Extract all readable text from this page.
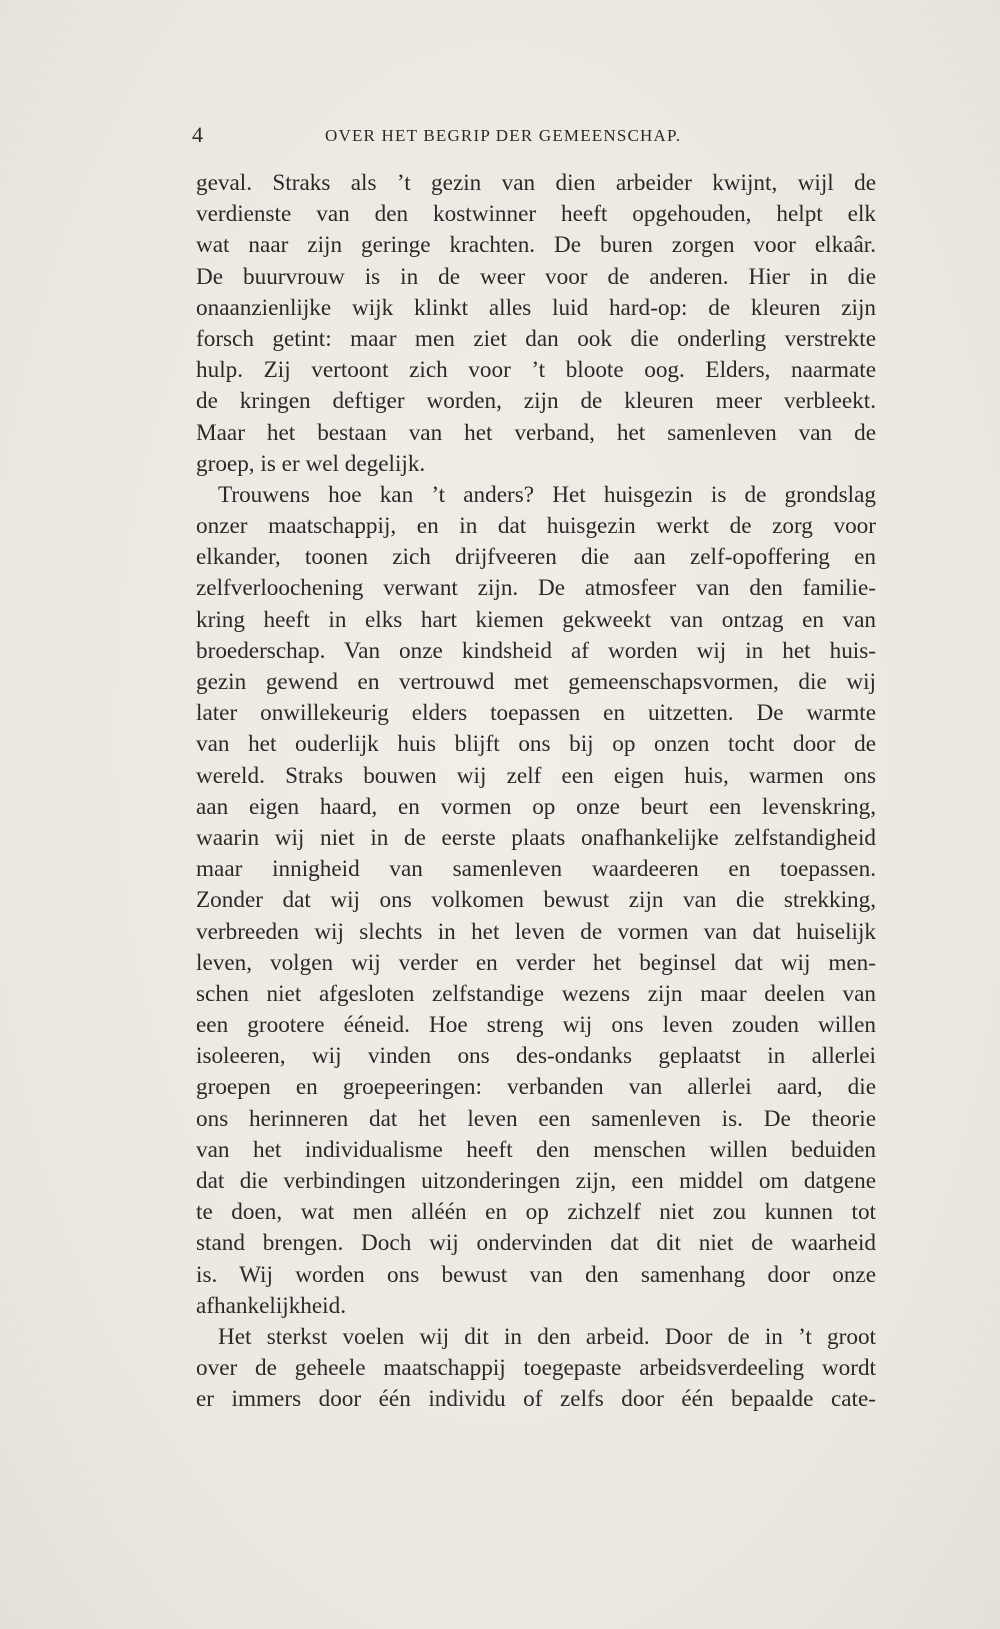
4	OVER HET BEGRIP DER GEMEENSCHAP.
geval. Straks als ’t gezin van dien arbeider kwijnt, wijl de
verdienste van den kostwinner heeft opgehouden, helpt elk
wat naar zijn geringe krachten. De buren zorgen voor elkaâr.
De buurvrouw is in de weer voor de anderen. Hier in die
onaanzienlijke wijk klinkt alles luid hard-op: de kleuren zijn
forsch getint: maar men ziet dan ook die onderling verstrekte
hulp. Zij vertoont zich voor ’t bloote oog. Elders, naarmate
de kringen deftiger worden, zijn de kleuren meer verbleekt.
Maar het bestaan van het verband, het samenleven van de
groep, is er wel degelijk.
Trouwens hoe kan ’t anders? Het huisgezin is de grondslag
onzer maatschappij, en in dat huisgezin werkt de zorg voor
elkander, toonen zich drijfveeren die aan zelf-opoffering en
zelfverloochening verwant zijn. De atmosfeer van den familie-
kring heeft in elks hart kiemen gekweekt van ontzag en van
broederschap. Van onze kindsheid af worden wij in het huis-
gezin gewend en vertrouwd met gemeenschapsvormen, die wij
later onwillekeurig elders toepassen en uitzetten. De warmte
van het ouderlijk huis blijft ons bij op onzen tocht door de
wereld. Straks bouwen wij zelf een eigen huis, warmen ons
aan eigen haard, en vormen op onze beurt een levenskring,
waarin wij niet in de eerste plaats onafhankelijke zelfstandigheid
maar innigheid van samenleven waardeeren en toepassen.
Zonder dat wij ons volkomen bewust zijn van die strekking,
verbreeden wij slechts in het leven de vormen van dat huiselijk
leven, volgen wij verder en verder het beginsel dat wij men-
schen niet afgesloten zelfstandige wezens zijn maar deelen van
een grootere ééneid. Hoe streng wij ons leven zouden willen
isoleeren, wij vinden ons des-ondanks geplaatst in allerlei
groepen en groepeeringen: verbanden van allerlei aard, die
ons herinneren dat het leven een samenleven is. De theorie
van het individualisme heeft den menschen willen beduiden
dat die verbindingen uitzonderingen zijn, een middel om datgene
te doen, wat men alléén en op zichzelf niet zou kunnen tot
stand brengen. Doch wij ondervinden dat dit niet de waarheid
is. Wij worden ons bewust van den samenhang door onze
afhankelijkheid.
Het sterkst voelen wij dit in den arbeid. Door de in ’t groot
over de geheele maatschappij toegepaste arbeidsverdeeling wordt
er immers door één individu of zelfs door één bepaalde cate-
